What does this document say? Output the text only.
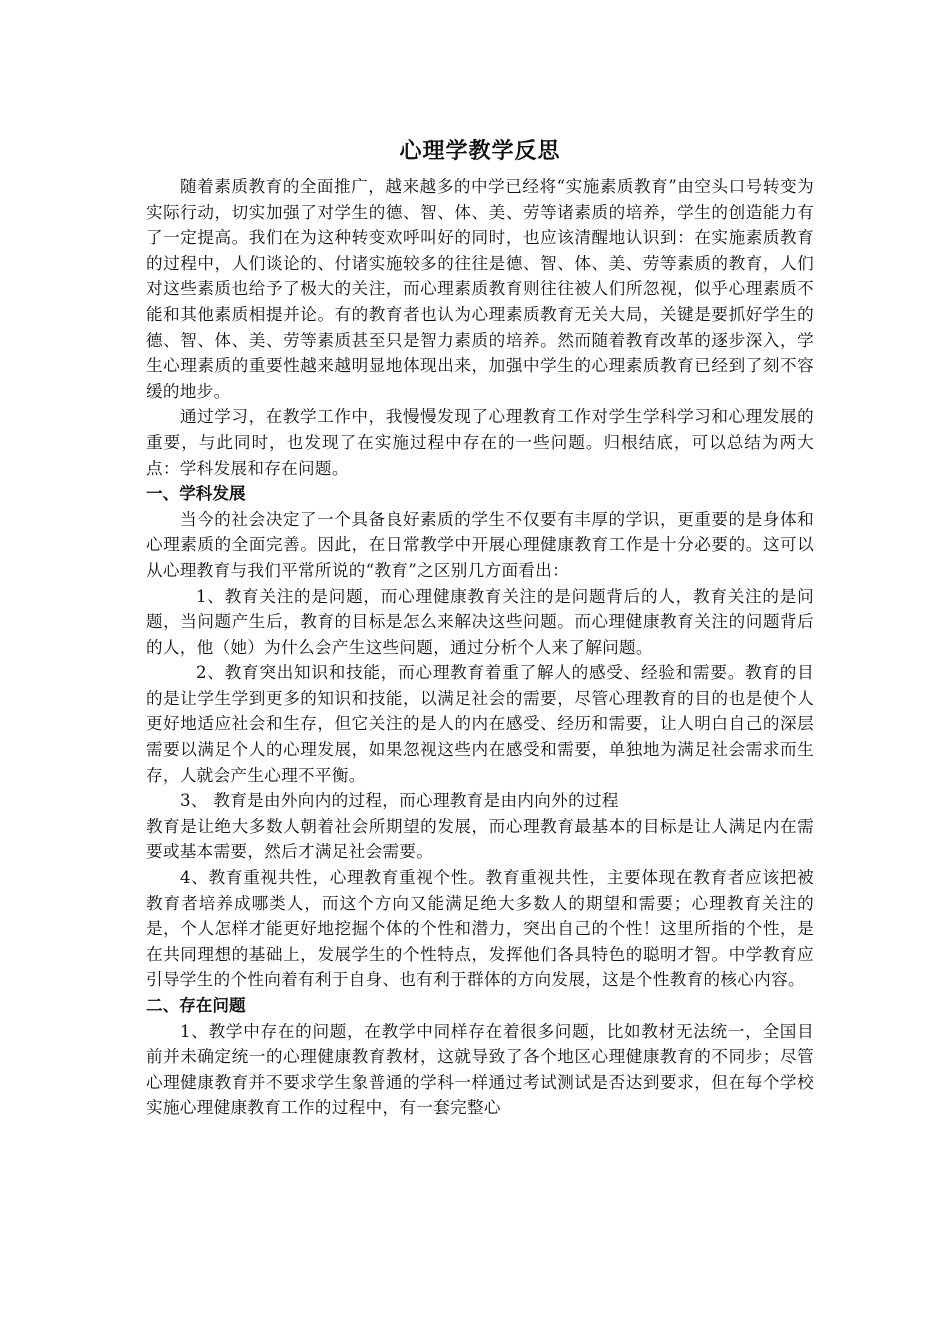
心理学教学反思

随着素质教育的全面推广，越来越多的中学已经将“实施素质教育”由空头口号转变为实际行动，切实加强了对学生的德、智、体、美、劳等诸素质的培养，学生的创造能力有了一定提高。我们在为这种转变欢呼叫好的同时，也应该清醒地认识到：在实施素质教育的过程中，人们谈论的、付诸实施较多的往往是德、智、体、美、劳等素质的教育，人们对这些素质也给予了极大的关注，而心理素质教育则往往被人们所忽视，似乎心理素质不能和其他素质相提并论。有的教育者也认为心理素质教育无关大局，关键是要抓好学生的德、智、体、美、劳等素质甚至只是智力素质的培养。然而随着教育改革的逐步深入，学生心理素质的重要性越来越明显地体现出来，加强中学生的心理素质教育已经到了刻不容缓的地步。

通过学习，在教学工作中，我慢慢发现了心理教育工作对学生学科学习和心理发展的重要，与此同时，也发现了在实施过程中存在的一些问题。归根结底，可以总结为两大点：学科发展和存在问题。

一、学科发展

当今的社会决定了一个具备良好素质的学生不仅要有丰厚的学识，更重要的是身体和心理素质的全面完善。因此，在日常教学中开展心理健康教育工作是十分必要的。这可以从心理教育与我们平常所说的“教育”之区别几方面看出：

1、教育关注的是问题，而心理健康教育关注的是问题背后的人，教育关注的是问题，当问题产生后，教育的目标是怎么来解决这些问题。而心理健康教育关注的问题背后的人，他（她）为什么会产生这些问题，通过分析个人来了解问题。

2、教育突出知识和技能，而心理教育着重了解人的感受、经验和需要。教育的目的是让学生学到更多的知识和技能，以满足社会的需要，尽管心理教育的目的也是使个人更好地适应社会和生存，但它关注的是人的内在感受、经历和需要，让人明白自己的深层需要以满足个人的心理发展，如果忽视这些内在感受和需要，单独地为满足社会需求而生存，人就会产生心理不平衡。

3、 教育是由外向内的过程，而心理教育是由内向外的过程

教育是让绝大多数人朝着社会所期望的发展，而心理教育最基本的目标是让人满足内在需要或基本需要，然后才满足社会需要。

4、教育重视共性，心理教育重视个性。教育重视共性，主要体现在教育者应该把被教育者培养成哪类人，而这个方向又能满足绝大多数人的期望和需要；心理教育关注的是，个人怎样才能更好地挖掘个体的个性和潜力，突出自己的个性！这里所指的个性，是在共同理想的基础上，发展学生的个性特点，发挥他们各具特色的聪明才智。中学教育应引导学生的个性向着有利于自身、也有利于群体的方向发展，这是个性教育的核心内容。

二、存在问题

1、教学中存在的问题，在教学中同样存在着很多问题，比如教材无法统一，全国目前并未确定统一的心理健康教育教材，这就导致了各个地区心理健康教育的不同步；尽管心理健康教育并不要求学生象普通的学科一样通过考试测试是否达到要求，但在每个学校实施心理健康教育工作的过程中，有一套完整心
